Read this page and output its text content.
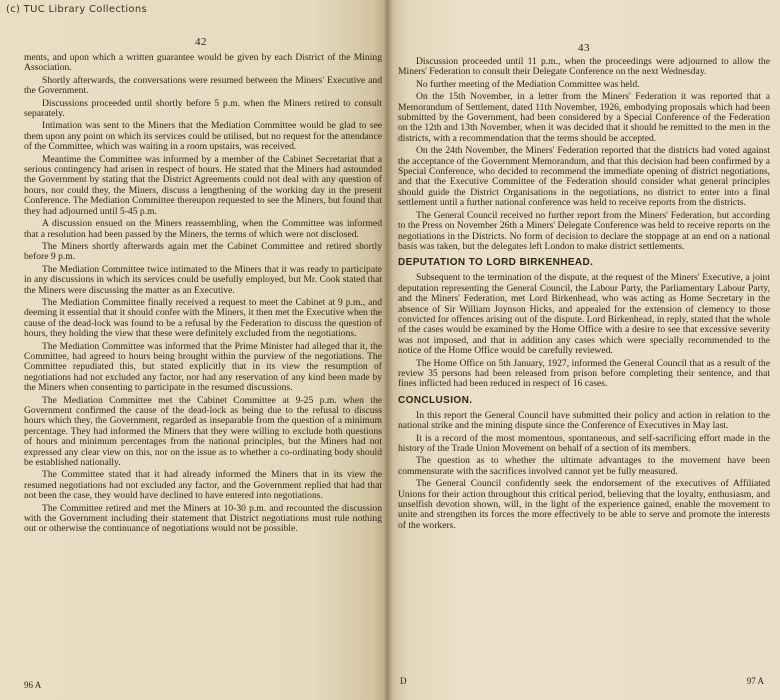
42

ments, and upon which a written guarantee would be given by each District of the Mining Association.

Shortly afterwards, the conversations were resumed between the Miners' Executive and the Government.

Discussions proceeded until shortly before 5 p.m. when the Miners retired to consult separately.

Intimation was sent to the Miners that the Mediation Committee would be glad to see them upon any point on which its services could be utilised, but no request for the attendance of the Committee, which was waiting in a room upstairs, was received.

Meantime the Committee was informed by a member of the Cabinet Secretariat that a serious contingency had arisen in respect of hours. He stated that the Miners had astounded the Government by stating that the District Agreements could not deal with any question of hours, nor could they, the Miners, discuss a lengthening of the working day in the present Conference. The Mediation Committee thereupon requested to see the Miners, but found that they had adjourned until 5-45 p.m.

A discussion ensued on the Miners reassembling, when the Committee was informed that a resolution had been passed by the Miners, the terms of which were not disclosed.

The Miners shortly afterwards again met the Cabinet Committee and retired shortly before 9 p.m.

The Mediation Committee twice intimated to the Miners that it was ready to participate in any discussions in which its services could be usefully employed, but Mr. Cook stated that the Miners were discussing the matter as an Executive.

The Mediation Committee finally received a request to meet the Cabinet at 9 p.m., and deeming it essential that it should confer with the Miners, it then met the Executive when the cause of the dead-lock was found to be a refusal by the Federation to discuss the question of hours, they holding the view that these were definitely excluded from the negotiations.

The Mediation Committee was informed that the Prime Minister had alleged that it, the Committee, had agreed to hours being brought within the purview of the negotiations. The Committee repudiated this, but stated explicitly that in its view the resumption of negotiations had not excluded any factor, nor had any reservation of any kind been made by the Miners when consenting to participate in the resumed discussions.

The Mediation Committee met the Cabinet Committee at 9-25 p.m. when the Government confirmed the cause of the dead-lock as being due to the refusal to discuss hours which they, the Government, regarded as inseparable from the question of a minimum percentage. They had informed the Miners that they were willing to exclude both questions of hours and minimum percentages from the national principles, but the Miners had not expressed any clear view on this, nor on the issue as to whether a co-ordinating body should be established nationally.

The Committee stated that it had already informed the Miners that in its view the resumed negotiations had not excluded any factor, and the Government replied that had that not been the case, they would have declined to have entered into negotiations.

The Committee retired and met the Miners at 10-30 p.m. and recounted the discussion with the Government including their statement that District negotiations must rule nothing out or otherwise the continuance of negotiations would not be possible.

96 A
43

Discussion proceeded until 11 p.m., when the proceedings were adjourned to allow the Miners' Federation to consult their Delegate Conference on the next Wednesday.

No further meeting of the Mediation Committee was held.

On the 15th November, in a letter from the Miners' Federation it was reported that a Memorandum of Settlement, dated 11th November, 1926, embodying proposals which had been submitted by the Government, had been considered by a Special Conference of the Federation on the 12th and 13th November, when it was decided that it should be remitted to the men in the districts, with a recommendation that the terms should be accepted.

On the 24th November, the Miners' Federation reported that the districts had voted against the acceptance of the Government Memorandum, and that this decision had been confirmed by a Special Conference, who decided to recommend the immediate opening of district negotiations, and that the Executive Committee of the Federation should consider what general principles should guide the District Organisations in the negotiations, no district to enter into a final settlement until a further national conference was held to receive reports from the districts.

The General Council received no further report from the Miners' Federation, but according to the Press on November 26th a Miners' Delegate Conference was held to receive reports on the negotiations in the Districts. No form of decision to declare the stoppage at an end on a national basis was taken, but the delegates left London to make district settlements.

DEPUTATION TO LORD BIRKENHEAD.

Subsequent to the termination of the dispute, at the request of the Miners' Executive, a joint deputation representing the General Council, the Labour Party, the Parliamentary Labour Party, and the Miners' Federation, met Lord Birkenhead, who was acting as Home Secretary in the absence of Sir William Joynson Hicks, and appealed for the extension of clemency to those convicted for offences arising out of the dispute. Lord Birkenhead, in reply, stated that the whole of the cases would be examined by the Home Office with a desire to see that excessive severity was not imposed, and that in addition any cases which were specially recommended to the notice of the Home Office would be carefully reviewed.

The Home Office on 5th January, 1927, informed the General Council that as a result of the review 35 persons had been released from prison before completing their sentence, and that fines inflicted had been reduced in respect of 16 cases.

CONCLUSION.

In this report the General Council have submitted their policy and action in relation to the national strike and the mining dispute since the Conference of Executives in May last.

It is a record of the most momentous, spontaneous, and self-sacrificing effort made in the history of the Trade Union Movement on behalf of a section of its members.

The question as to whether the ultimate advantages to the movement have been commensurate with the sacrifices involved cannot yet be fully measured.

The General Council confidently seek the endorsement of the executives of Affiliated Unions for their action throughout this critical period, believing that the loyalty, enthusiasm, and unselfish devotion shown, will, in the light of the experience gained, enable the movement to unite and strengthen its forces the more effectively to be able to serve and promote the interests of the workers.

D	97 A
(c) TUC Library Collections
